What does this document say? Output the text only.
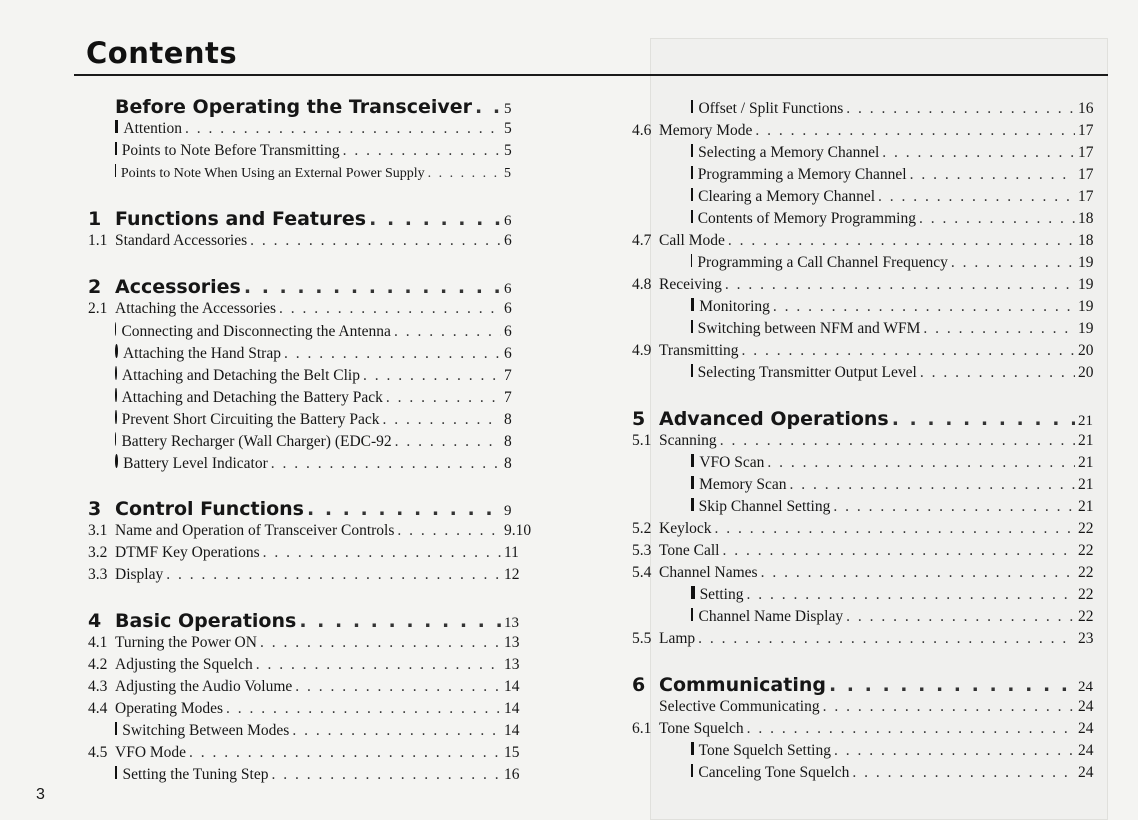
Contents
Before Operating the Transceiver . . . 5
Attention . . .	5
Points to Note Before Transmitting . . .	5
Points to Note When Using an External Power Supply . . .	5
1 Functions and Features . . .	6
1.1 Standard Accessories . . .	6
2 Accessories . . .	6
2.1 Attaching the Accessories . . .	6
Connecting and Disconnecting the Antenna . . .	6
Attaching the Hand Strap . . .	6
Attaching and Detaching the Belt Clip . . .	7
Attaching and Detaching the Battery Pack . . .	7
Prevent Short Circuiting the Battery Pack . . .	8
Battery Recharger (Wall Charger) (EDC-92 . . .	8
Battery Level Indicator . . .	8
3 Control Functions . . .	9
3.1 Name and Operation of Transceiver Controls . . .	9.10
3.2 DTMF Key Operations . . .	11
3.3 Display . . .	12
4 Basic Operations . . .	13
4.1 Turning the Power ON . . .	13
4.2 Adjusting the Squelch . . .	13
4.3 Adjusting the Audio Volume . . .	14
4.4 Operating Modes . . .	14
Switching Between Modes . . .	14
4.5 VFO Mode . . .	15
Setting the Tuning Step . . .	16
Offset / Split Functions . . .	16
4.6 Memory Mode . . .	17
Selecting a Memory Channel . . .	17
Programming a Memory Channel . . .	17
Clearing a Memory Channel . . .	17
Contents of Memory Programming . . .	18
4.7 Call Mode . . .	18
Programming a Call Channel Frequency . . .	19
4.8 Receiving . . .	19
Monitoring . . .	19
Switching between NFM and WFM . . .	19
4.9 Transmitting . . .	20
Selecting Transmitter Output Level . . .	20
5 Advanced Operations . . .	21
5.1 Scanning . . .	21
VFO Scan . . .	21
Memory Scan . . .	21
Skip Channel Setting . . .	21
5.2 Keylock . . .	22
5.3 Tone Call . . .	22
5.4 Channel Names . . .	22
Setting . . .	22
Channel Name Display . . .	22
5.5 Lamp . . .	23
6 Communicating . . .	24
Selective Communicating . . .	24
6.1 Tone Squelch . . .	24
Tone Squelch Setting . . .	24
Canceling Tone Squelch . . .	24
3
